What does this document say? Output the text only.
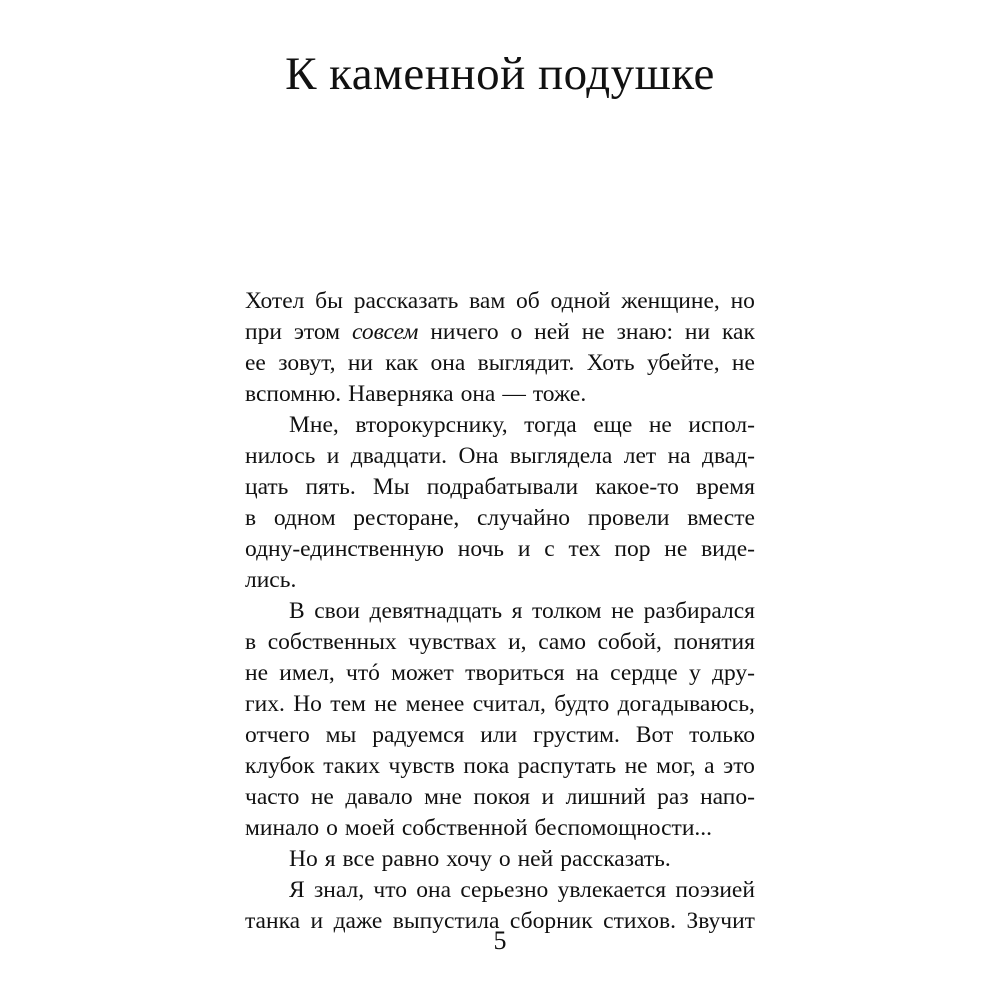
К каменной подушке
Хотел бы рассказать вам об одной женщине, но
при этом совсем ничего о ней не знаю: ни как
ее зовут, ни как она выглядит. Хоть убейте, не
вспомню. Наверняка она — тоже.
Мне, второкурснику, тогда еще не испол-
нилось и двадцати. Она выглядела лет на двад-
цать пять. Мы подрабатывали какое-то время
в одном ресторане, случайно провели вместе
одну-единственную ночь и с тех пор не виде-
лись.
В свои девятнадцать я толком не разбирался
в собственных чувствах и, само собой, понятия
не имел, чтó может твориться на сердце у дру-
гих. Но тем не менее считал, будто догадываюсь,
отчего мы радуемся или грустим. Вот только
клубок таких чувств пока распутать не мог, а это
часто не давало мне покоя и лишний раз напо-
минало о моей собственной беспомощности...
Но я все равно хочу о ней рассказать.
Я знал, что она серьезно увлекается поэзией
танка и даже выпустила сборник стихов. Звучит
5
